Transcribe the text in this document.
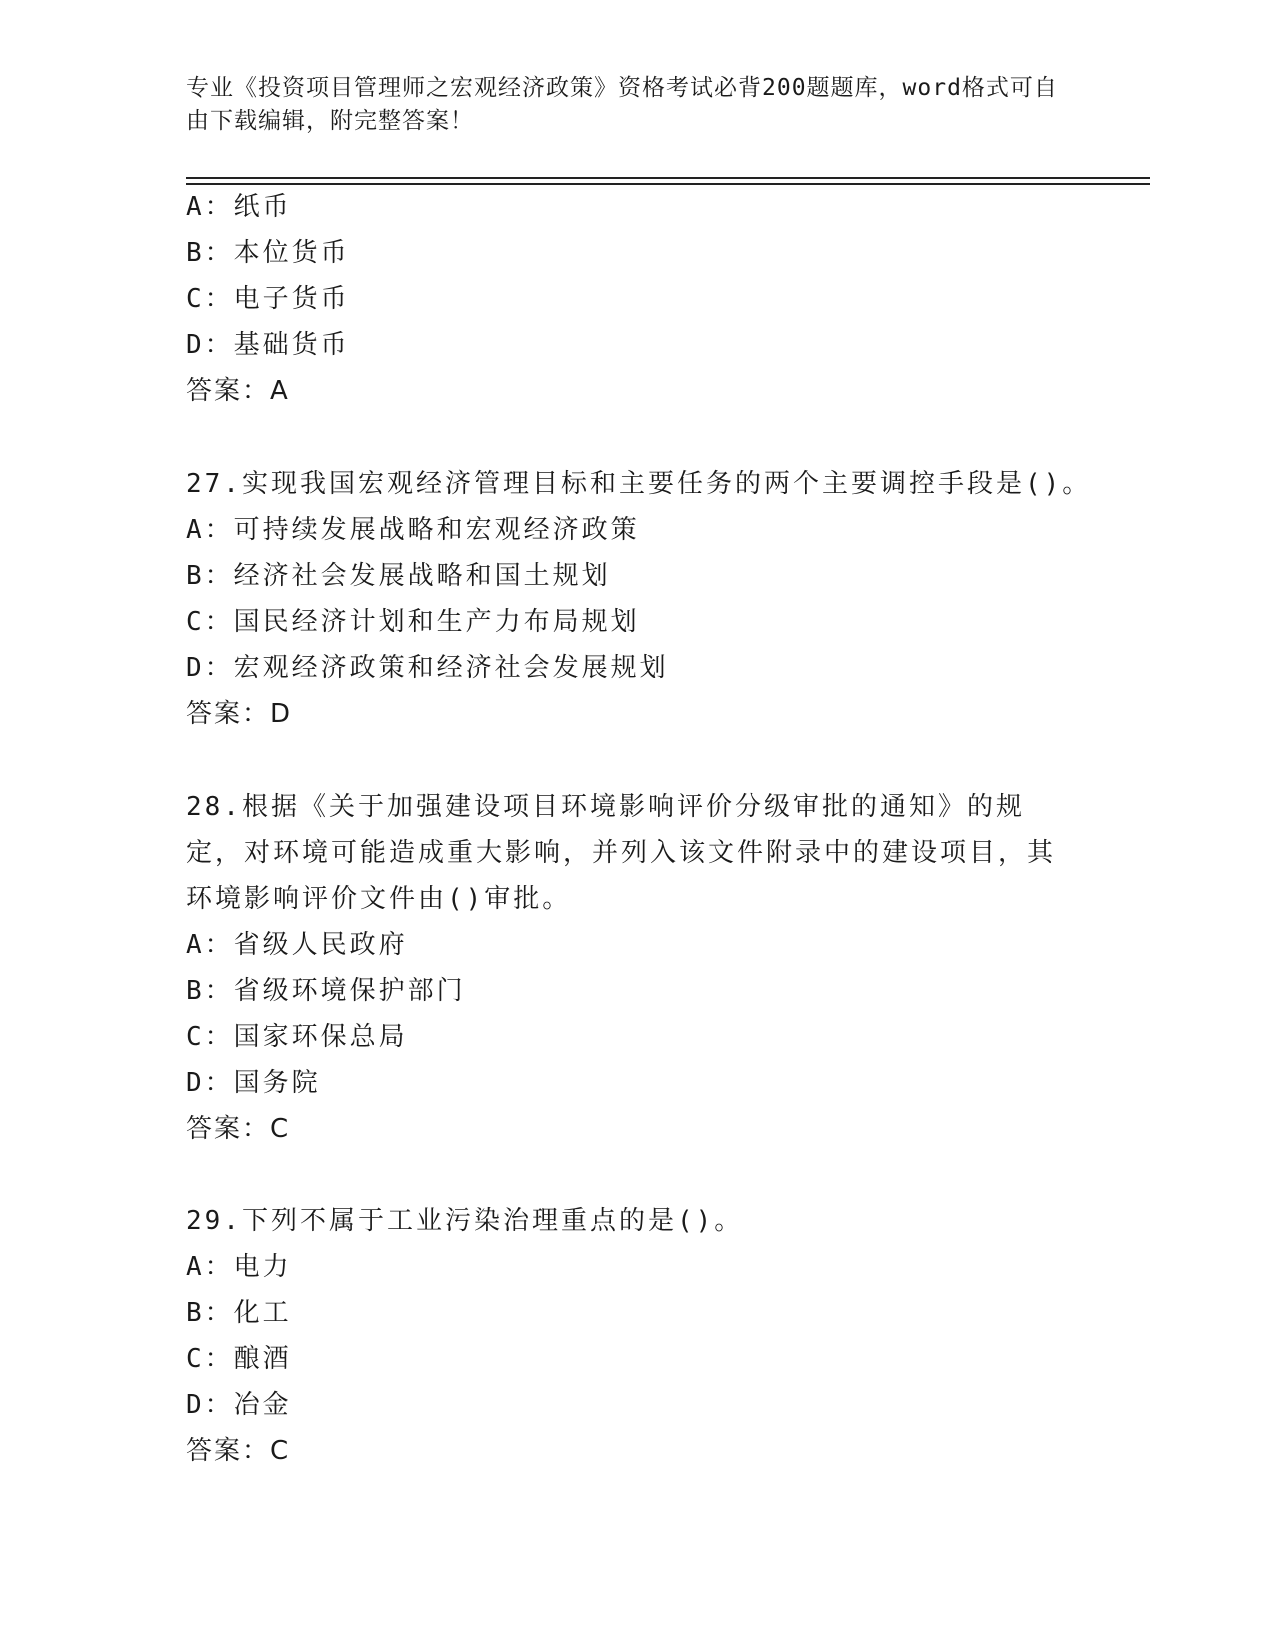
专业《投资项目管理师之宏观经济政策》资格考试必背200题题库，word格式可自由下载编辑，附完整答案！
A：纸币
B：本位货币
C：电子货币
D：基础货币
答案：A
27.实现我国宏观经济管理目标和主要任务的两个主要调控手段是()。
A：可持续发展战略和宏观经济政策
B：经济社会发展战略和国土规划
C：国民经济计划和生产力布局规划
D：宏观经济政策和经济社会发展规划
答案：D
28.根据《关于加强建设项目环境影响评价分级审批的通知》的规定，对环境可能造成重大影响，并列入该文件附录中的建设项目，其环境影响评价文件由()审批。
A：省级人民政府
B：省级环境保护部门
C：国家环保总局
D：国务院
答案：C
29.下列不属于工业污染治理重点的是()。
A：电力
B：化工
C：酿酒
D：冶金
答案：C
